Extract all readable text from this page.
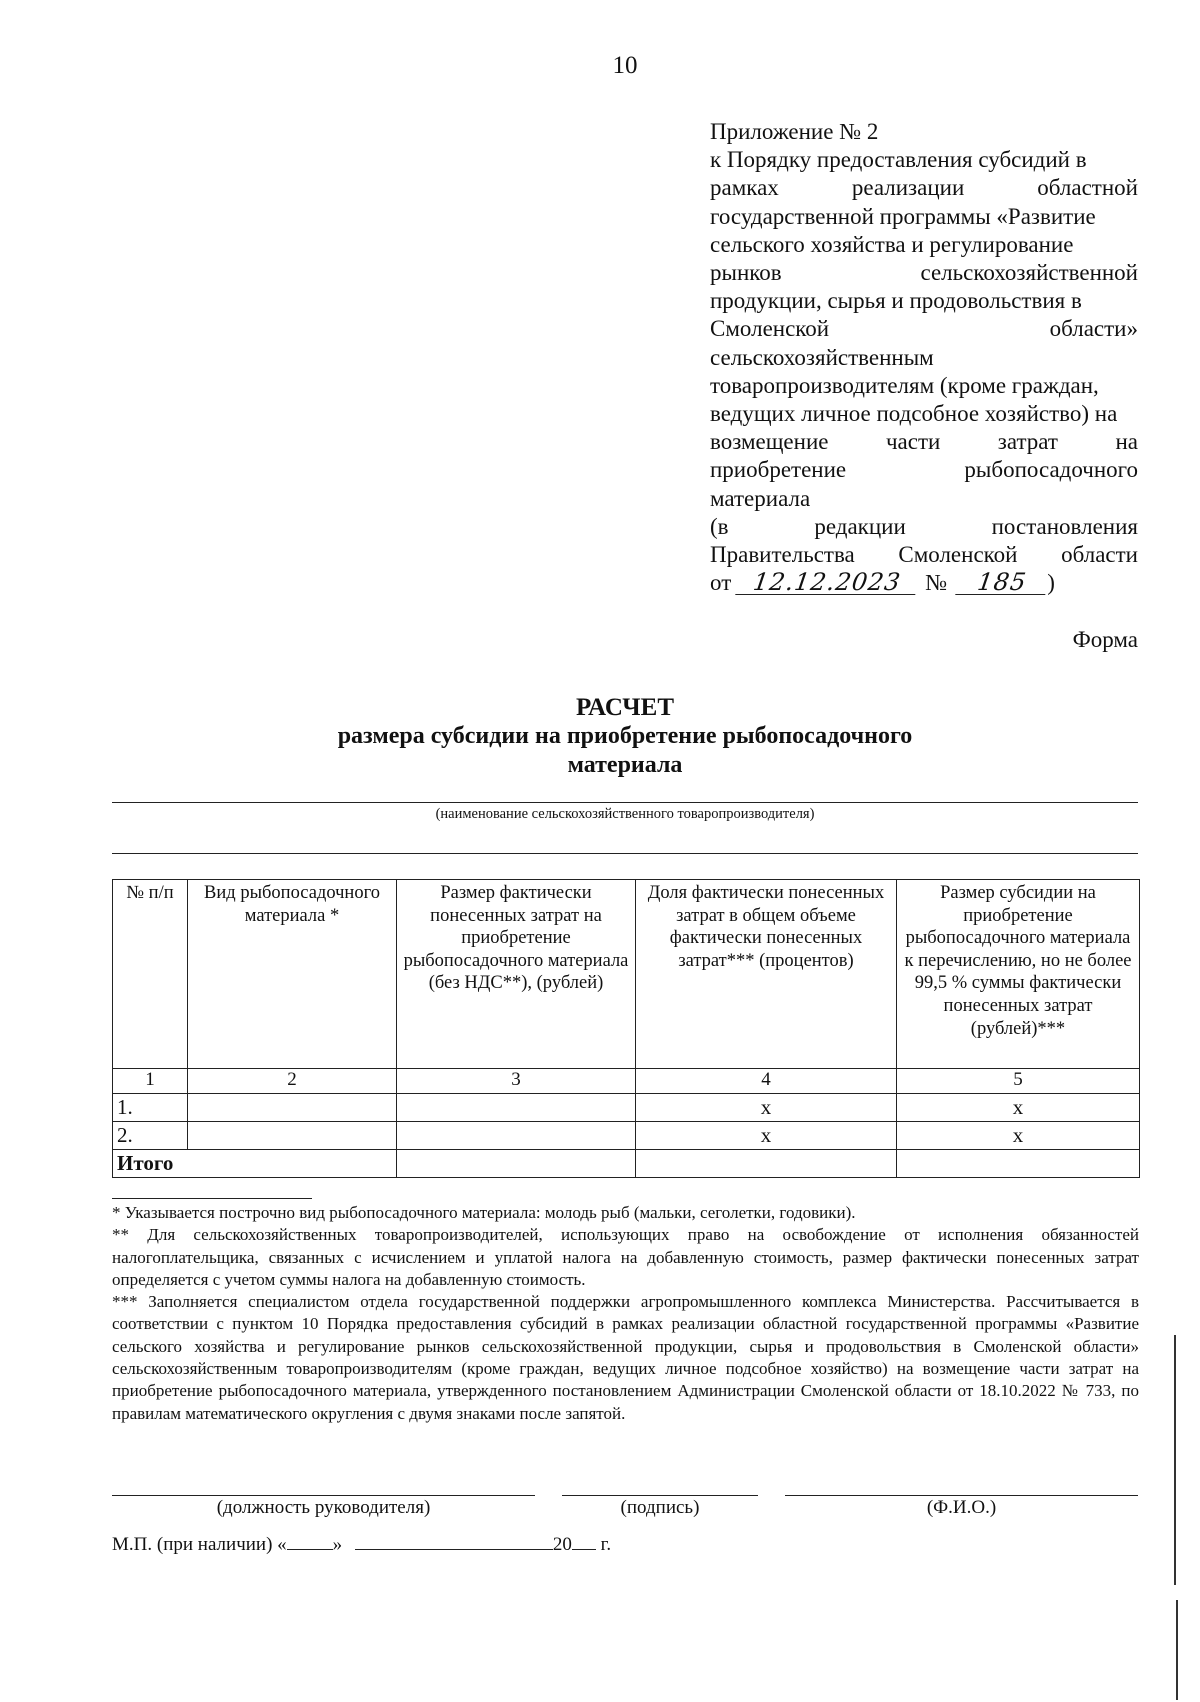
10
Приложение № 2
к Порядку предоставления субсидий в
рамках	реализации	областной
государственной программы «Развитие
сельского хозяйства и регулирование
рынков	сельскохозяйственной
продукции, сырья и продовольствия в
Смоленской	области»
сельскохозяйственным
товаропроизводителям (кроме граждан,
ведущих личное подсобное хозяйство) на
возмещение части затрат на
приобретение	рыбопосадочного
материала
(в	редакции	постановления
Правительства Смоленской области
от 12.12.2023 № 185 )
Форма
РАСЧЕТ
размера субсидии на приобретение рыбопосадочного
материала
(наименование сельскохозяйственного товаропроизводителя)
№ п/п	Вид рыбопосадочного материала *	Размер фактически понесенных затрат на приобретение рыбопосадочного материала (без НДС**), (рублей)	Доля фактически понесенных затрат в общем объеме фактически понесенных затрат*** (процентов)	Размер субсидии на приобретение рыбопосадочного материала к перечислению, но не более 99,5 % суммы фактически понесенных затрат (рублей)***
1	2	3	4	5
1.			х	х
2.			х	х
Итого				

* Указывается построчно вид рыбопосадочного материала: молодь рыб (мальки, сеголетки, годовики).

** Для сельскохозяйственных товаропроизводителей, использующих право на освобождение от исполнения обязанностей налогоплательщика, связанных с исчислением и уплатой налога на добавленную стоимость, размер фактически понесенных затрат определяется с учетом суммы налога на добавленную стоимость.

*** Заполняется специалистом отдела государственной поддержки агропромышленного комплекса Министерства. Рассчитывается в соответствии с пунктом 10 Порядка предоставления субсидий в рамках реализации областной государственной программы «Развитие сельского хозяйства и регулирование рынков сельскохозяйственной продукции, сырья и продовольствия в Смоленской области» сельскохозяйственным товаропроизводителям (кроме граждан, ведущих личное подсобное хозяйство) на возмещение части затрат на приобретение рыбопосадочного материала, утвержденного постановлением Администрации Смоленской области от 18.10.2022 № 733, по правилам математического округления с двумя знаками после запятой.

(должность руководителя)	(подпись)	(Ф.И.О.)
М.П. (при наличии) « »	20 г.
